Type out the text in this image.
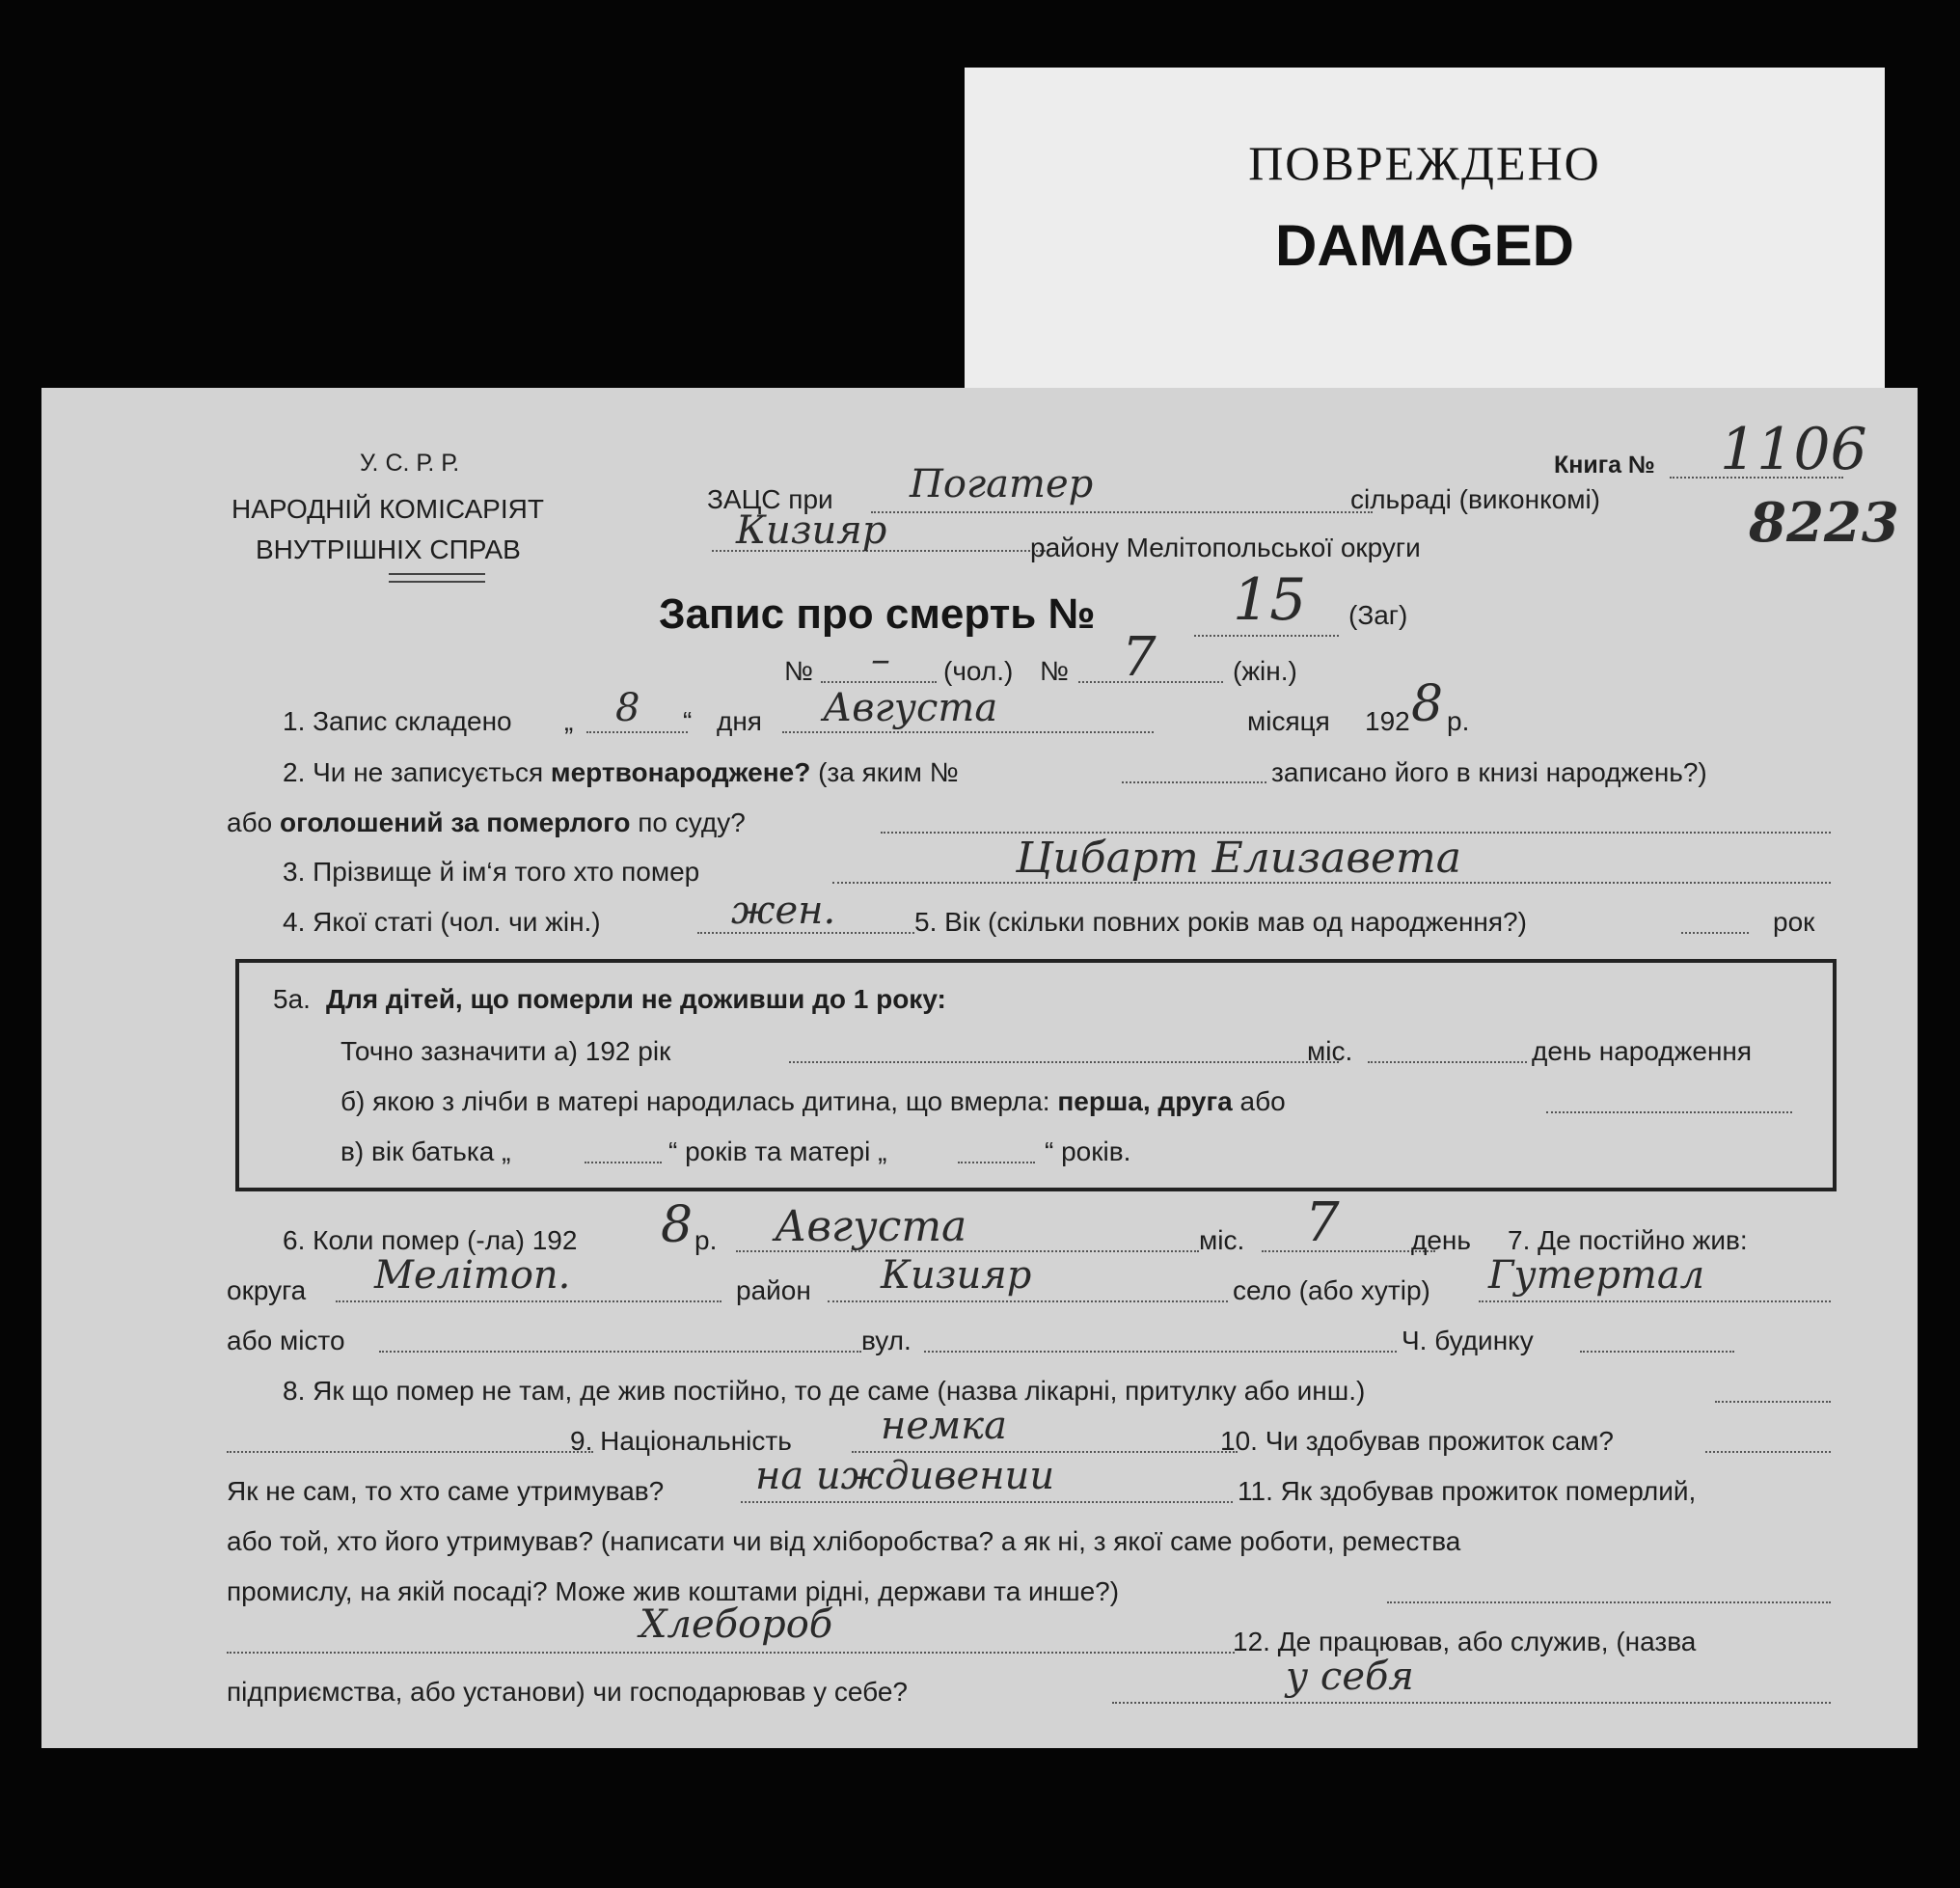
ПОВРЕЖДЕНО
DAMAGED
У. С. Р. Р.
НАРОДНІЙ КОМІСАРІЯТ
ВНУТРІШНІХ СПРАВ
ЗАЦС при Погатер	сільраді (виконкомі)
Кизияр	району Мелітопольської округи
Книга № 1106
8223
Запис про смерть № 15 (Заг)
№ – (чол.) № 7	(жін.)
1. Запис складено „ 8 “ дня Августа	місяця 192 8 р.
2. Чи не записується мертвонароджене? (за яким №	записано його в книзі народжень?)
або оголошений за померлого по суду?
3. Прізвище й ім‘я того хто помер	Цибарт Елизавета
4. Якої статі (чол. чи жін.)	жен.	5. Вік (скільки повних років мав од народження?)	рок
5а. Для дітей, що померли не доживши до 1 року:
Точно зазначити а) 192 рік	міс.	день народження
б) якою з лічби в матері народилась дитина, що вмерла: перша, друга або
в) вік батька „	“ років та матері „	“ років.
6. Коли помер (-ла) 192 8 р. Августа	міс. 7	день 7. Де постійно жив:
округа Мелітоп.	район Кизияр	село (або хутір) Гутертал
або місто	вул.	Ч. будинку
8. Як що помер не там, де жив постійно, то де саме (назва лікарні, притулку або инш.)
9. Національність немка	10. Чи здобував прожиток сам?
Як не сам, то хто саме утримував? на иждивении	11. Як здобував прожиток померлий,
або той, хто його утримував? (написати чи від хліборобства? а як ні, з якої саме роботи, ремества
промислу, на якій посаді? Може жив коштами рідні, держави та инше?)
Хлебороб	12. Де працював, або служив, (назва
підприємства, або установи) чи господарював у себе?	у себя
